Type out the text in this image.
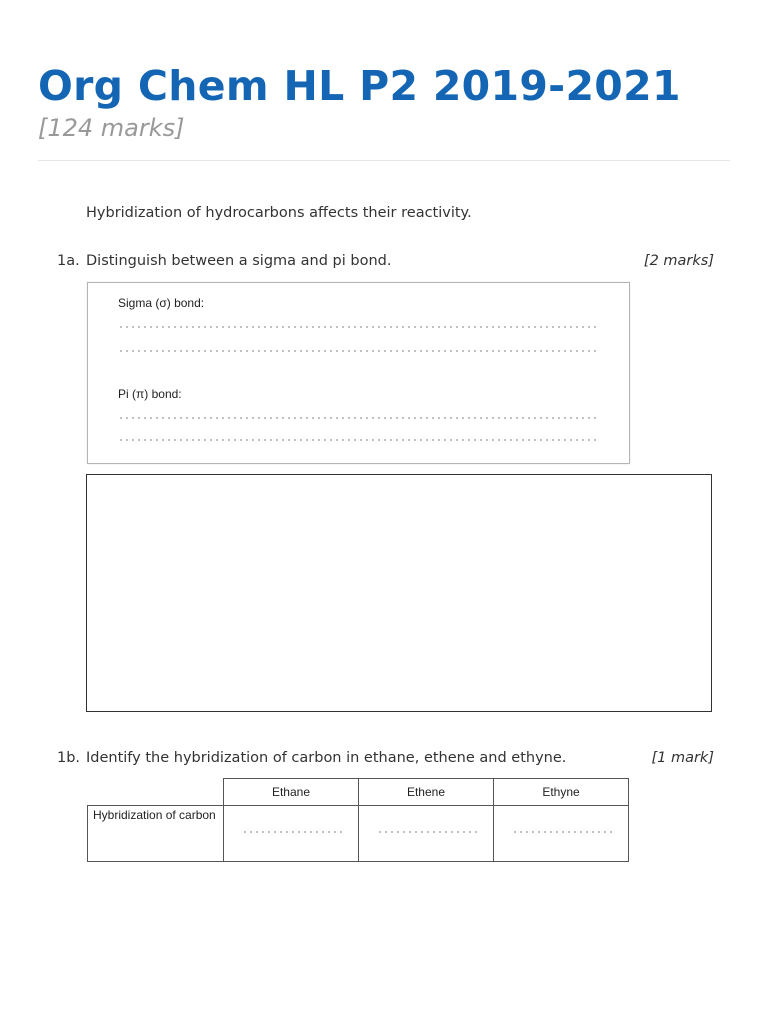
Org Chem HL P2 2019-2021
[124 marks]
Hybridization of hydrocarbons affects their reactivity.
1a. Distinguish between a sigma and pi bond.	[2 marks]
Sigma (σ) bond:
Pi (π) bond:
1b. Identify the hybridization of carbon in ethane, ethene and ethyne.	[1 mark]
	Ethane	Ethene	Ethyne
Hybridization of carbon	
